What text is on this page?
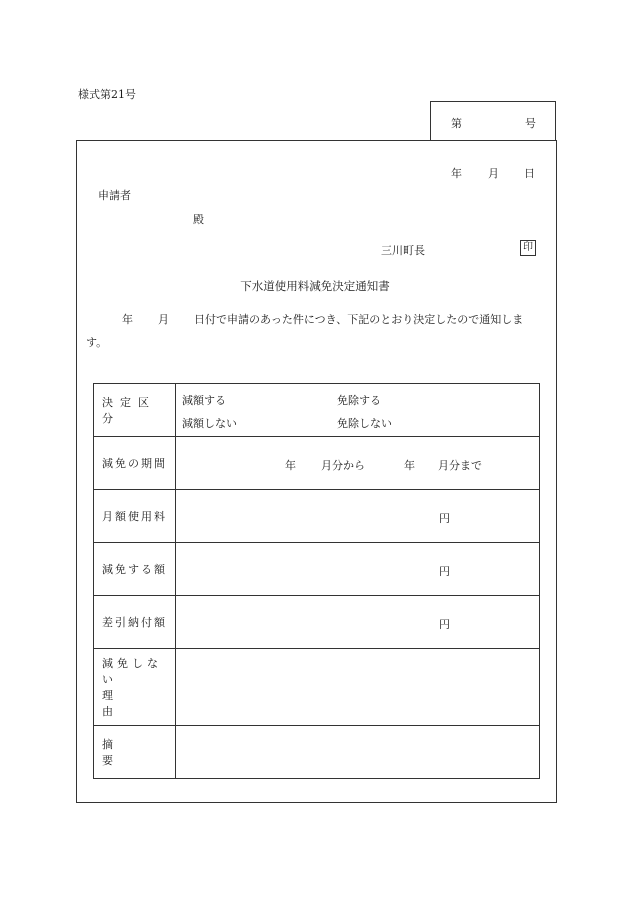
様式第21号
第	号
年 月 日
申請者
殿
三川町長	印
下水道使用料減免決定通知書
年 月 日付で申請のあった件につき、下記のとおり決定したので通知しま
す。
決定区分	減額する 免除する
減額しない 免除しない

減免の期間	年 月分から 年 月分まで

月額使用料	円

減免する額	円

差引納付額	円

減免しない
理由	

摘要	
